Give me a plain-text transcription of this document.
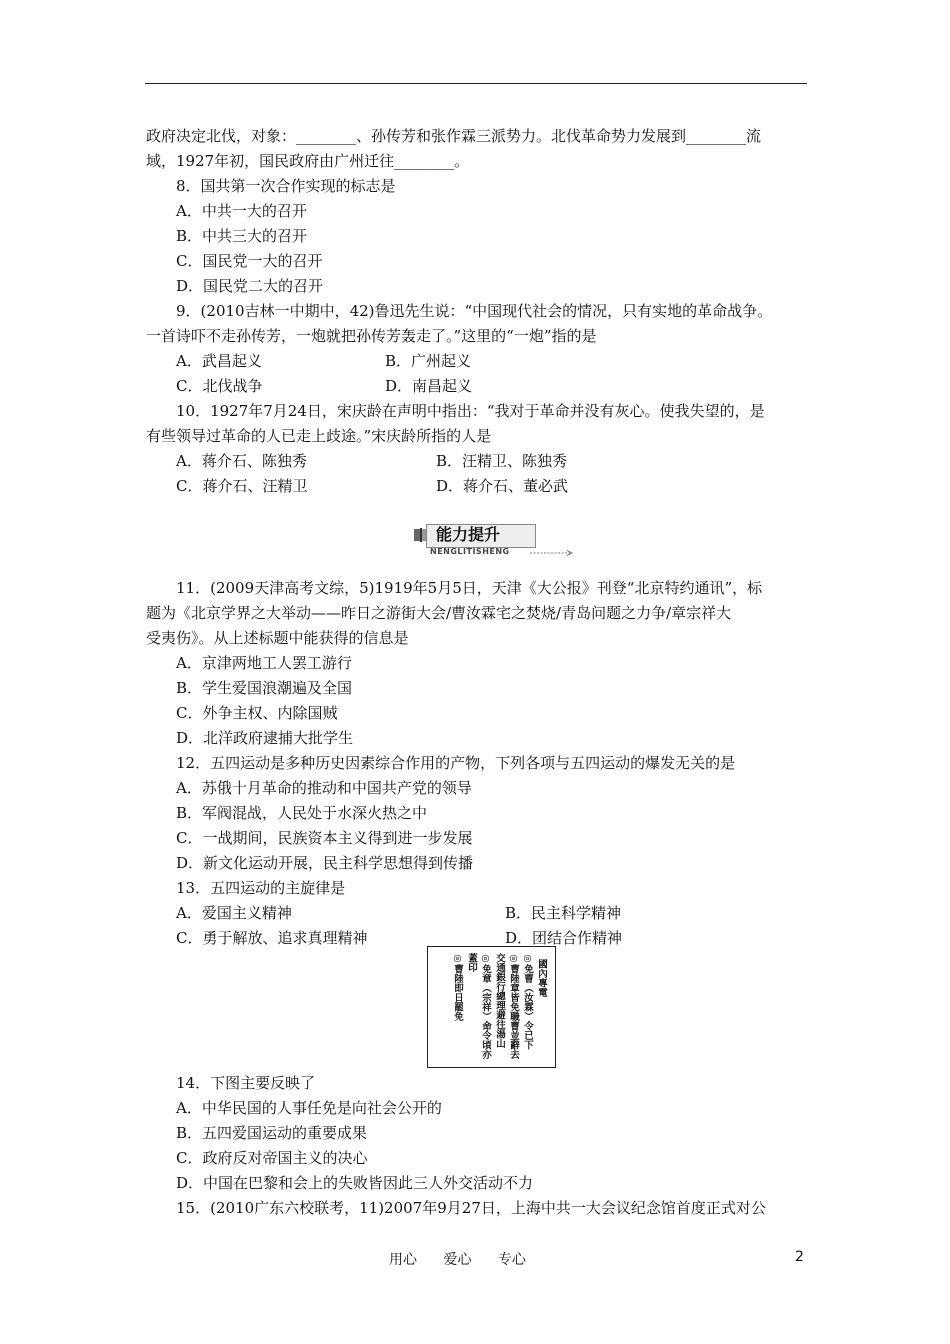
政府决定北伐，对象：________、孙传芳和张作霖三派势力。北伐革命势力发展到________流
域，1927年初，国民政府由广州迁往________。
8．国共第一次合作实现的标志是
A．中共一大的召开
B．中共三大的召开
C．国民党一大的召开
D．国民党二大的召开
9．(2010吉林一中期中，42)鲁迅先生说：“中国现代社会的情况，只有实地的革命战争。
一首诗吓不走孙传芳，一炮就把孙传芳轰走了。”这里的“一炮”指的是
A．武昌起义	B．广州起义
C．北伐战争	D．南昌起义
10．1927年7月24日，宋庆龄在声明中指出：“我对于革命并没有灰心。使我失望的，是
有些领导过革命的人已走上歧途。”宋庆龄所指的人是
A．蒋介石、陈独秀	B．汪精卫、陈独秀
C．蒋介石、汪精卫	D．蒋介石、董必武
能力提升
NENGLITISHENG
11．(2009天津高考文综，5)1919年5月5日，天津《大公报》刊登“北京特约通讯”，标
题为《北京学界之大举动——昨日之游街大会/曹汝霖宅之焚烧/青岛问题之力争/章宗祥大
受夷伤》。从上述标题中能获得的信息是
A．京津两地工人罢工游行
B．学生爱国浪潮遍及全国
C．外争主权、内除国贼
D．北洋政府逮捕大批学生
12．五四运动是多种历史因素综合作用的产物，下列各项与五四运动的爆发无关的是
A．苏俄十月革命的推动和中国共产党的领导
B．军阀混战，人民处于水深火热之中
C．一战期间，民族资本主义得到进一步发展
D．新文化运动开展，民主科学思想得到传播
13．五四运动的主旋律是
A．爱国主义精神	B．民主科学精神
C．勇于解放、追求真理精神	D．团结合作精神
國內專電
◎免曹（汝霖）令已下
◎曹陸章皆免職曹並辭去
交通銀行總理避往湯山
◎免章（宗祥）命令頃亦
蓋印
◎曹陸即日罷免
14．下图主要反映了
A．中华民国的人事任免是向社会公开的
B．五四爱国运动的重要成果
C．政府反对帝国主义的决心
D．中国在巴黎和会上的失败皆因此三人外交活动不力
15．(2010广东六校联考，11)2007年9月27日，上海中共一大会议纪念馆首度正式对公
用心 爱心 专心	2
